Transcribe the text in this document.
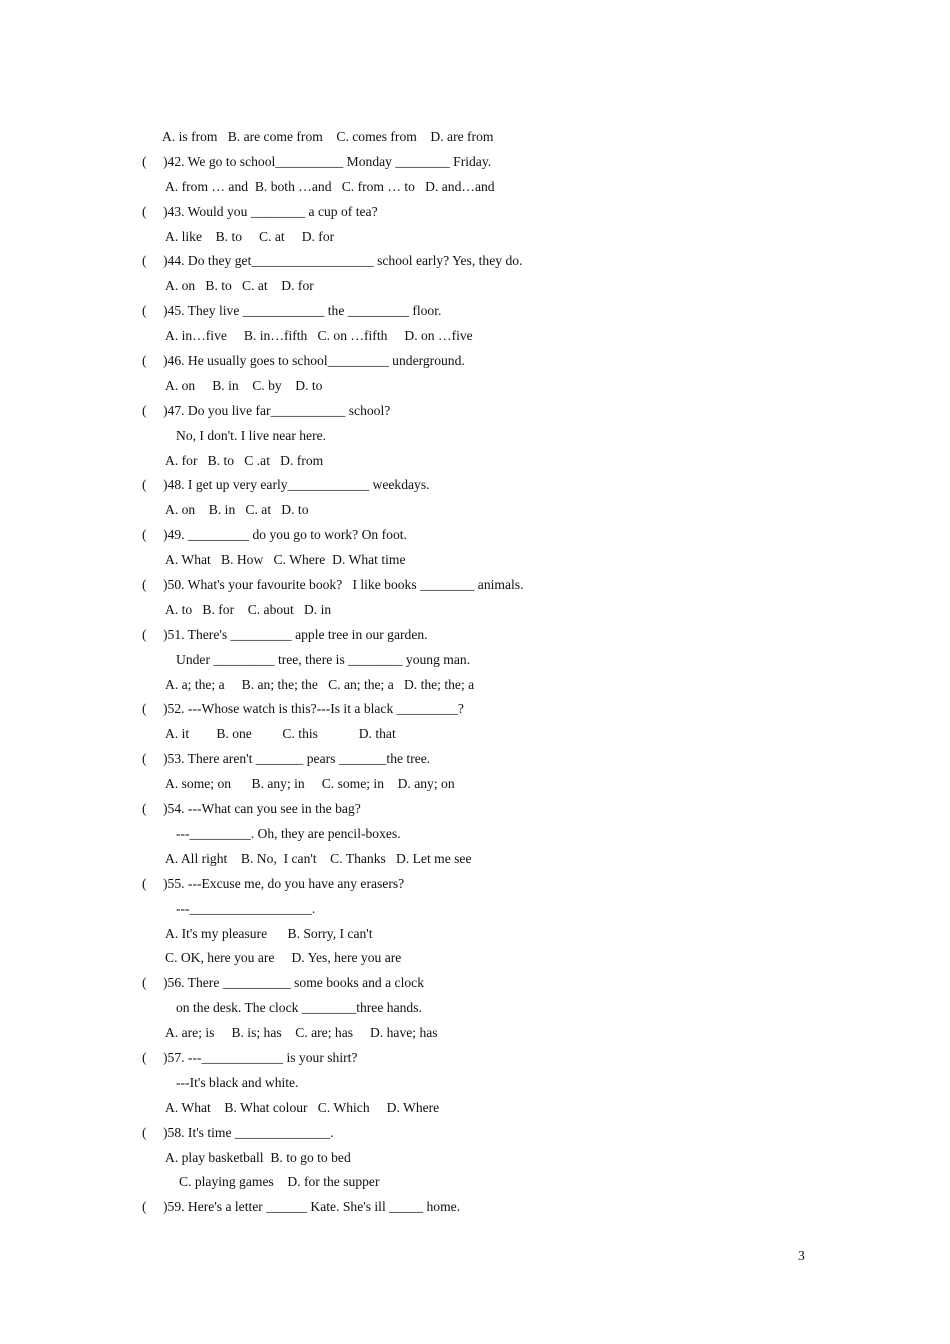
A. is from   B. are come from    C. comes from    D. are from
( )42. We go to school__________ Monday ________ Friday.
A. from … and  B. both …and   C. from … to   D. and…and
( )43. Would you ________ a cup of tea?
A. like    B. to     C. at     D. for
( )44. Do they get__________________ school early? Yes, they do.
A. on   B. to   C. at    D. for
( )45. They live ____________ the _________ floor.
A. in…five     B. in…fifth   C. on …fifth     D. on …five
( )46. He usually goes to school_________ underground.
A. on     B. in    C. by    D. to
( )47. Do you live far___________ school?
No, I don't. I live near here.
A. for   B. to   C .at   D. from
( )48. I get up very early____________ weekdays.
A. on    B. in   C. at   D. to
( )49. _________ do you go to work? On foot.
A. What   B. How   C. Where  D. What time
( )50. What's your favourite book?   I like books ________ animals.
A. to   B. for    C. about   D. in
( )51. There's _________ apple tree in our garden.
Under _________ tree, there is ________ young man.
A. a; the; a     B. an; the; the   C. an; the; a   D. the; the; a
( )52. ---Whose watch is this?---Is it a black _________?
A. it        B. one         C. this            D. that
( )53. There aren't _______ pears _______the tree.
A. some; on      B. any; in     C. some; in    D. any; on
( )54. ---What can you see in the bag?
---_________. Oh, they are pencil-boxes.
A. All right    B. No,  I can't    C. Thanks   D. Let me see
( )55. ---Excuse me, do you have any erasers?
---__________________.
A. It's my pleasure      B. Sorry, I can't
C. OK, here you are     D. Yes, here you are
( )56. There __________ some books and a clock
on the desk. The clock ________three hands.
A. are; is     B. is; has    C. are; has     D. have; has
( )57. ---____________ is your shirt?
---It's black and white.
A. What    B. What colour   C. Which     D. Where
( )58. It's time ______________.
A. play basketball  B. to go to bed
C. playing games    D. for the supper
( )59. Here's a letter ______ Kate. She's ill _____ home.
3
